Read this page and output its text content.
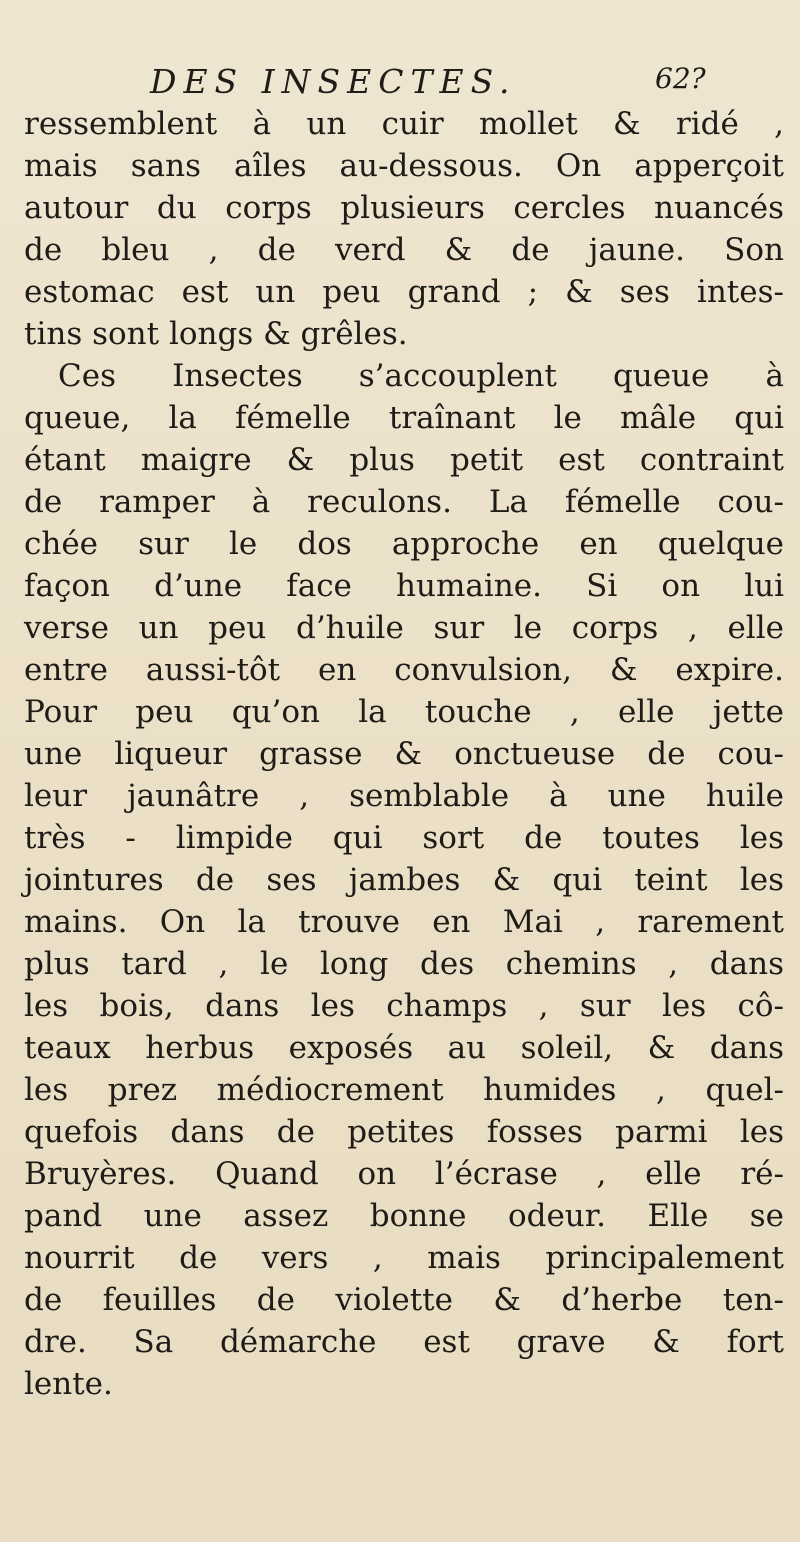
DES INSECTES.	62?
ressemblent à un cuir mollet & ridé ,
mais sans aîles au-dessous. On apperçoit
autour du corps plusieurs cercles nuancés
de bleu , de verd & de jaune. Son
estomac est un peu grand ; & ses intes-
tins sont longs & grêles.
Ces Insectes s’accouplent queue à
queue, la fémelle traînant le mâle qui
étant maigre & plus petit est contraint
de ramper à reculons. La fémelle cou-
chée sur le dos approche en quelque
façon d’une face humaine. Si on lui
verse un peu d’huile sur le corps , elle
entre aussi-tôt en convulsion, & expire.
Pour peu qu’on la touche , elle jette
une liqueur grasse & onctueuse de cou-
leur jaunâtre , semblable à une huile
très - limpide qui sort de toutes les
jointures de ses jambes & qui teint les
mains. On la trouve en Mai , rarement
plus tard , le long des chemins , dans
les bois, dans les champs , sur les cô-
teaux herbus exposés au soleil, & dans
les prez médiocrement humides , quel-
quefois dans de petites fosses parmi les
Bruyères. Quand on l’écrase , elle ré-
pand une assez bonne odeur. Elle se
nourrit de vers , mais principalement
de feuilles de violette & d’herbe ten-
dre. Sa démarche est grave & fort
lente.
